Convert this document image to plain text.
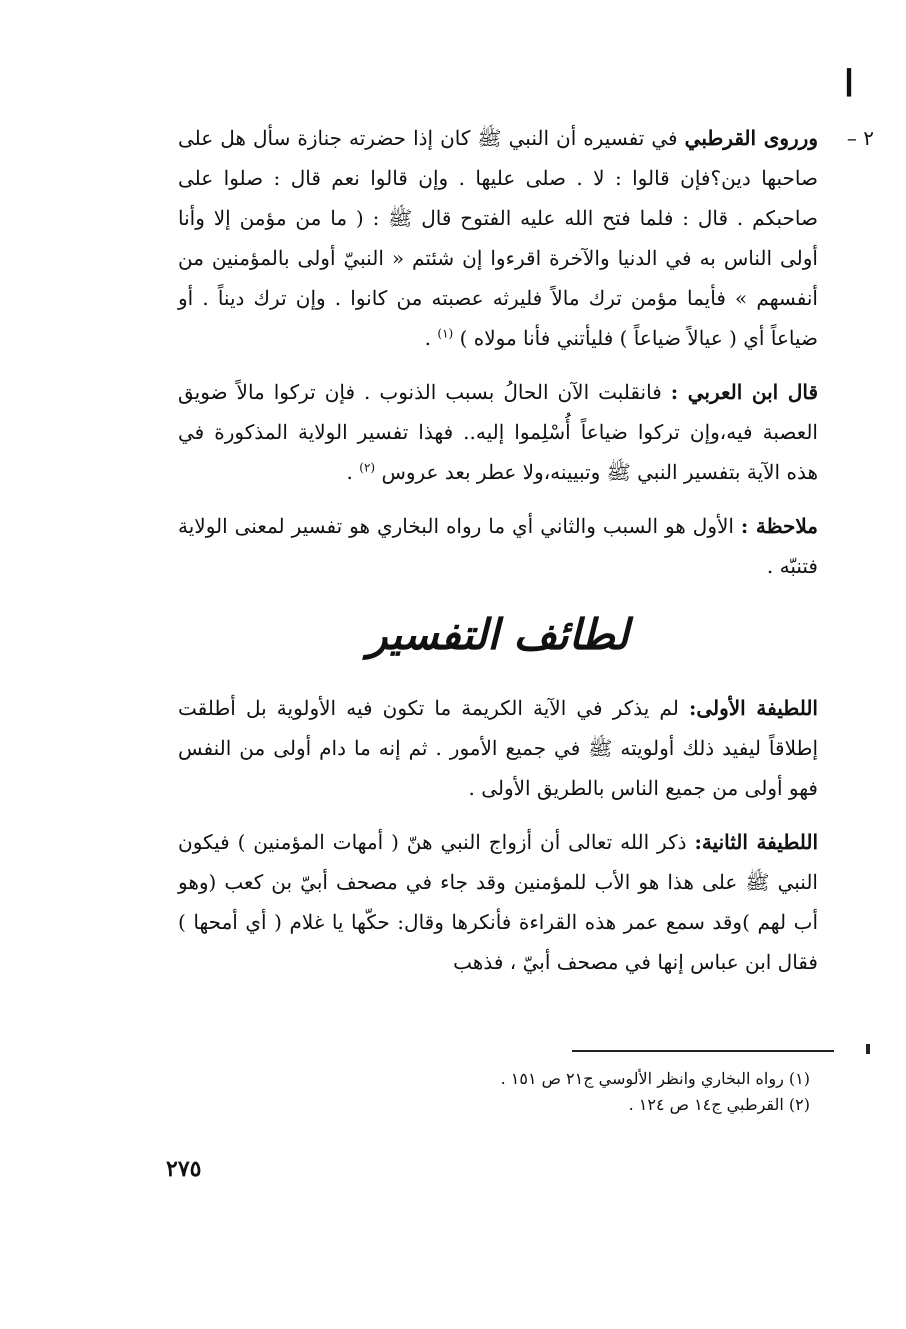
ا
٢ –

ورروى القرطبي في تفسيره أن النبي ﷺ كان إذا حضرته جنازة سأل هل على صاحبها دين؟فإن قالوا : لا . صلى عليها . وإن قالوا نعم قال : صلوا على صاحبكم . قال : فلما فتح الله عليه الفتوح قال ﷺ : ( ما من مؤمن إلا وأنا أولى الناس به في الدنيا والآخرة اقرءوا إن شئتم « النبيّ أولى بالمؤمنين من أنفسهم » فأيما مؤمن ترك مالاً فليرثه عصبته من كانوا . وإن ترك ديناً . أو ضياعاً أي ( عيالاً ضياعاً ) فليأتني فأنا مولاه ) $^{(١)}$ .

قال ابن العربي : فانقلبت الآن الحالُ بسبب الذنوب . فإن تركوا مالاً ضويق العصبة فيه،وإن تركوا ضياعاً أُسْلِموا إليه.. فهذا تفسير الولاية المذكورة في هذه الآية بتفسير النبي ﷺ وتبيينه،ولا عطر بعد عروس $^{(٢)}$ .

ملاحظة : الأول هو السبب والثاني أي ما رواه البخاري هو تفسير لمعنى الولاية فتنبّه .

لطائف التفسير

اللطيفة الأولى: لم يذكر في الآية الكريمة ما تكون فيه الأولوية بل أطلقت إطلاقاً ليفيد ذلك أولويته ﷺ في جميع الأمور . ثم إنه ما دام أولى من النفس فهو أولى من جميع الناس بالطريق الأولى .

اللطيفة الثانية: ذكر الله تعالى أن أزواج النبي هنّ ( أمهات المؤمنين ) فيكون النبي ﷺ على هذا هو الأب للمؤمنين وقد جاء في مصحف أبيّ بن كعب (وهو أب لهم )وقد سمع عمر هذه القراءة فأنكرها وقال: حكّها يا غلام ( أي أمحها ) فقال ابن عباس إنها في مصحف أبيّ ، فذهب

(١) رواه البخاري وانظر الألوسي ج٢١ ص ١٥١ .

(٢) القرطبي ج١٤ ص ١٢٤ .

٢٧٥
